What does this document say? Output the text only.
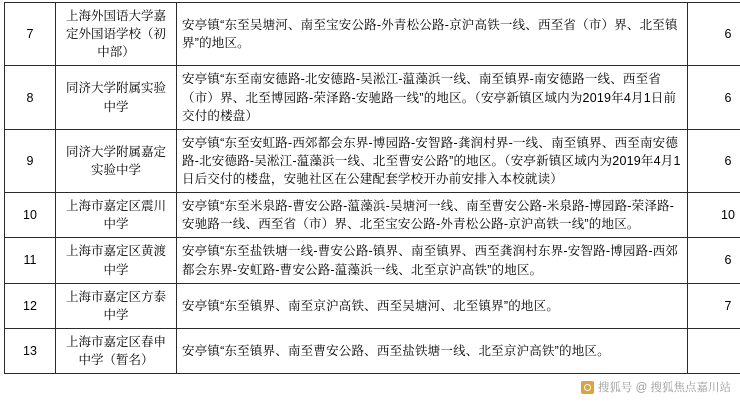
7	上海外国语大学嘉定外国语学校（初中部）	安亭镇“东至吴塘河、南至宝安公路-外青松公路-京沪高铁一线、西至省（市）界、北至镇界”的地区。	6
8	同济大学附属实验中学	安亭镇“东至南安德路-北安德路-吴淞江-蕰藻浜一线、南至镇界-南安德路一线、西至省（市）界、北至博园路-荣泽路-安驰路一线”的地区。（安亭新镇区域内为2019年4月1日前交付的楼盘）	6
9	同济大学附属嘉定实验中学	安亭镇“东至安虹路-西郊都会东界-博园路-安智路-龚润村界-一线、南至镇界、西至南安德路-北安德路-吴淞江-蕰藻浜一线、北至曹安公路”的地区。（安亭新镇区域内为2019年4月1日后交付的楼盘，安驰社区在公建配套学校开办前安排入本校就读）	6
10	上海市嘉定区震川中学	安亭镇“东至米泉路-曹安公路-蕰藻浜-吴塘河一线、南至曹安公路-米泉路-博园路-荣泽路-安驰路一线、西至省（市）界、北至宝安公路-外青松公路-京沪高铁一线”的地区。	10
11	上海市嘉定区黄渡中学	安亭镇“东至盐铁塘一线-曹安公路-镇界、南至镇界、西至龚润村东界-安智路-博园路-西郊都会东界-安虹路-曹安公路-蕰藻浜一线、北至京沪高铁”的地区。	6
12	上海市嘉定区方泰中学	安亭镇“东至镇界、南至京沪高铁、西至吴塘河、北至镇界”的地区。	7
13	上海市嘉定区春申中学（暂名）	安亭镇“东至镇界、南至曹安公路、西至盐铁塘一线、北至京沪高铁”的地区。	
搜狐号 @ 搜狐焦点嘉川站
